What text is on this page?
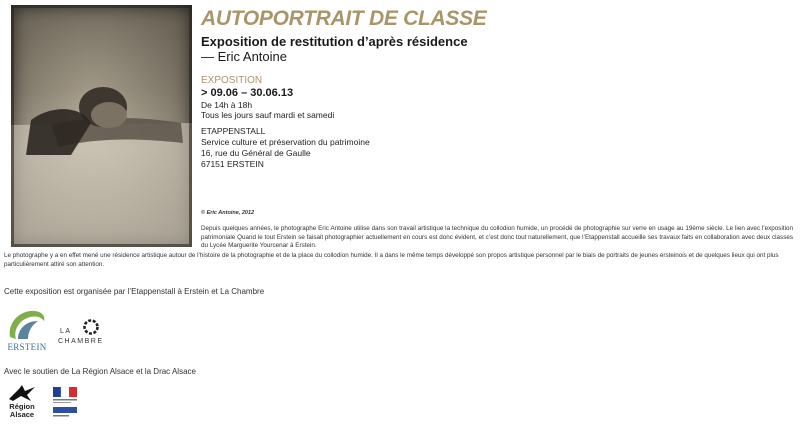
AUTOPORTRAIT DE CLASSE
Exposition de restitution d’après résidence
— Eric Antoine
EXPOSITION
> 09.06 – 30.06.13
De 14h à 18h
Tous les jours sauf mardi et samedi
ETAPPENSTALL
Service culture et préservation du patrimoine
16, rue du Général de Gaulle
67151 ERSTEIN
© Eric Antoine, 2012
Depuis quelques années, le photographe Eric Antoine utilise dans son travail artistique la technique du collodion humide, un procédé de photographie sur verre en usage au 19ème siècle. Le lien avec l’exposition patrimoniale Quand le tout Erstein se faisait photographier actuellement en cours est donc évident, et c’est donc tout naturellement, que l’Etappenstall accueille ses travaux faits en collaboration avec deux classes du Lycée Marguerite Yourcenar à Erstein.
Le photographe y a en effet mené une résidence artistique autour de l’histoire de la photographie et de la place du collodion humide. Il a dans le même temps développé son propos artistique personnel par le biais de portraits de jeunes ersteinois et de quelques lieux qui ont plus particulièrement attiré son attention.
Cette exposition est organisée par l’Etappenstall à Erstein et La Chambre
ERSTEIN
LA
CHAMBRE
Avec le soutien de La Région Alsace et la Drac Alsace
Région
Alsace
